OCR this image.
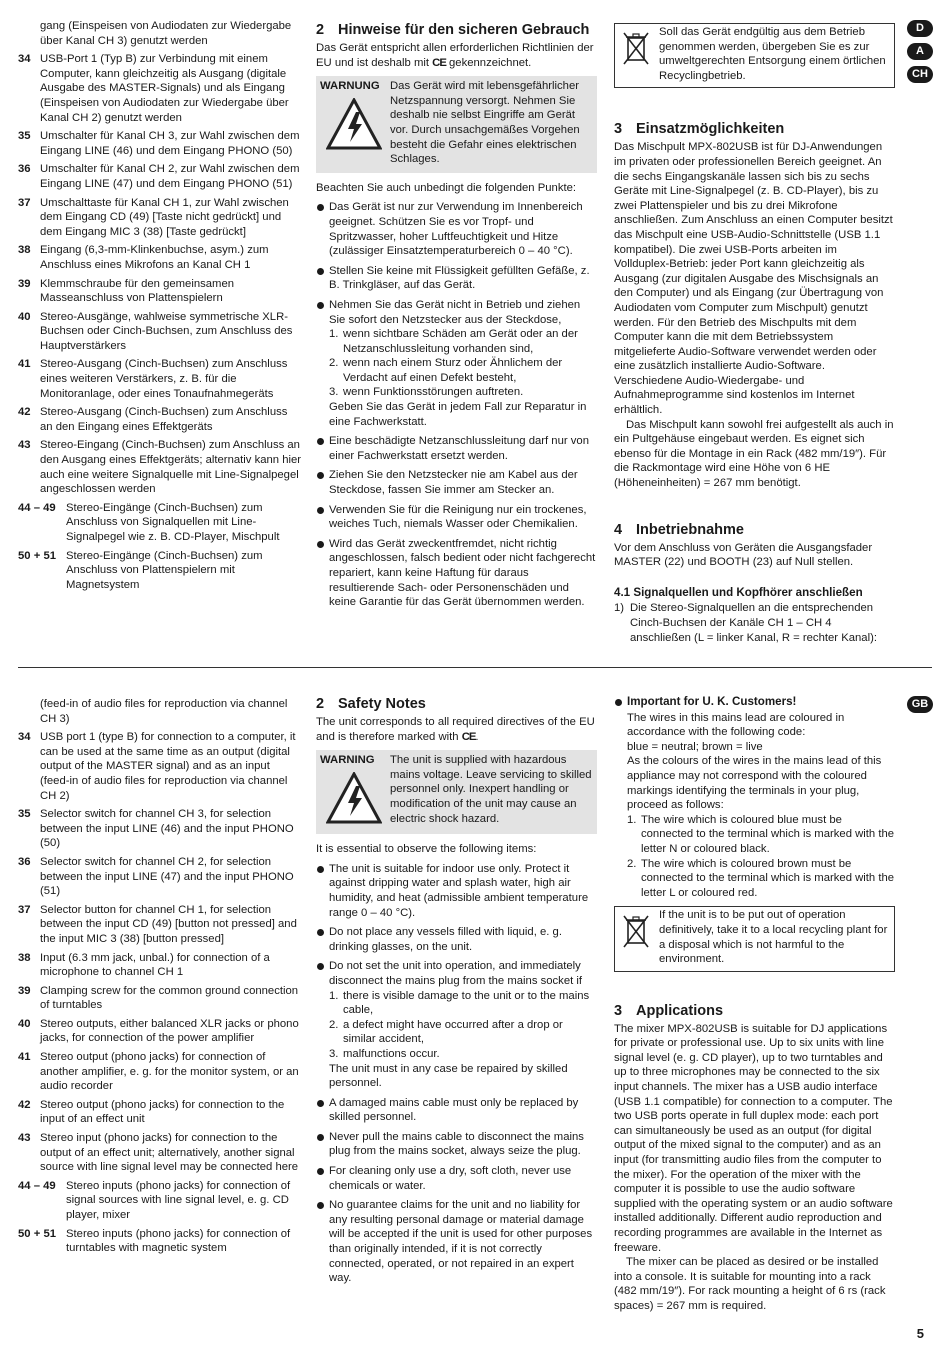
gang (Einspeisen von Audiodaten zur Wiedergabe über Kanal CH 3) genutzt werden

34 USB-Port 1 (Typ B) zur Verbindung mit einem Computer, kann gleichzeitig als Ausgang (digitale Ausgabe des MASTER-Signals) und als Eingang (Einspeisen von Audiodaten zur Wiedergabe über Kanal CH 2) genutzt werden
35 Umschalter für Kanal CH 3, zur Wahl zwischen dem Eingang LINE (46) und dem Eingang PHONO (50)
36 Umschalter für Kanal CH 2, zur Wahl zwischen dem Eingang LINE (47) und dem Eingang PHONO (51)
37 Umschalttaste für Kanal CH 1, zur Wahl zwischen dem Eingang CD (49) [Taste nicht gedrückt] und dem Eingang MIC 3 (38) [Taste gedrückt]
38 Eingang (6,3-mm-Klinkenbuchse, asym.) zum Anschluss eines Mikrofons an Kanal CH 1
39 Klemmschraube für den gemeinsamen Masseanschluss von Plattenspielern
40 Stereo-Ausgänge, wahlweise symmetrische XLR-Buchsen oder Cinch-Buchsen, zum Anschluss des Hauptverstärkers
41 Stereo-Ausgang (Cinch-Buchsen) zum Anschluss eines weiteren Verstärkers, z. B. für die Monitoranlage, oder eines Tonaufnahmegeräts
42 Stereo-Ausgang (Cinch-Buchsen) zum Anschluss an den Eingang eines Effektgeräts
43 Stereo-Eingang (Cinch-Buchsen) zum Anschluss an den Ausgang eines Effektgeräts; alternativ kann hier auch eine weitere Signalquelle mit Line-Signalpegel angeschlossen werden
44 – 49 Stereo-Eingänge (Cinch-Buchsen) zum Anschluss von Signalquellen mit Line-Signalpegel wie z. B. CD-Player, Mischpult
50 + 51 Stereo-Eingänge (Cinch-Buchsen) zum Anschluss von Plattenspielern mit Magnetsystem
2 Hinweise für den sicheren Gebrauch

Das Gerät entspricht allen erforderlichen Richtlinien der EU und ist deshalb mit CE gekennzeichnet.

WARNUNG Das Gerät wird mit lebensgefährlicher Netzspannung versorgt. Nehmen Sie deshalb nie selbst Eingriffe am Gerät vor. Durch unsachgemäßes Vorgehen besteht die Gefahr eines elektrischen Schlages.

Beachten Sie auch unbedingt die folgenden Punkte:

Das Gerät ist nur zur Verwendung im Innenbereich geeignet. Schützen Sie es vor Tropf- und Spritzwasser, hoher Luftfeuchtigkeit und Hitze (zulässiger Einsatztemperaturbereich 0 – 40 °C).

Stellen Sie keine mit Flüssigkeit gefüllten Gefäße, z. B. Trinkgläser, auf das Gerät.

Nehmen Sie das Gerät nicht in Betrieb und ziehen Sie sofort den Netzstecker aus der Steckdose,

1. wenn sichtbare Schäden am Gerät oder an der Netzanschlussleitung vorhanden sind,
2. wenn nach einem Sturz oder Ähnlichem der Verdacht auf einen Defekt besteht,
3. wenn Funktionsstörungen auftreten.

Geben Sie das Gerät in jedem Fall zur Reparatur in eine Fachwerkstatt.

Eine beschädigte Netzanschlussleitung darf nur von einer Fachwerkstatt ersetzt werden.

Ziehen Sie den Netzstecker nie am Kabel aus der Steckdose, fassen Sie immer am Stecker an.

Verwenden Sie für die Reinigung nur ein trockenes, weiches Tuch, niemals Wasser oder Chemikalien.

Wird das Gerät zweckentfremdet, nicht richtig angeschlossen, falsch bedient oder nicht fachgerecht repariert, kann keine Haftung für daraus resultierende Sach- oder Personenschäden und keine Garantie für das Gerät übernommen werden.

Soll das Gerät endgültig aus dem Betrieb genommen werden, übergeben Sie es zur umweltgerechten Entsorgung einem örtlichen Recyclingbetrieb.

3 Einsatzmöglichkeiten

Das Mischpult MPX-802USB ist für DJ-Anwendungen im privaten oder professionellen Bereich geeignet. An die sechs Eingangskanäle lassen sich bis zu sechs Geräte mit Line-Signalpegel (z. B. CD-Player), bis zu zwei Plattenspieler und bis zu drei Mikrofone anschließen. Zum Anschluss an einen Computer besitzt das Mischpult eine USB-Audio-Schnittstelle (USB 1.1 kompatibel). Die zwei USB-Ports arbeiten im Vollduplex-Betrieb: jeder Port kann gleichzeitig als Ausgang (zur digitalen Ausgabe des Mischsignals an den Computer) und als Eingang (zur Übertragung von Audiodaten vom Computer zum Mischpult) genutzt werden. Für den Betrieb des Mischpults mit dem Computer kann die mit dem Betriebssystem mitgelieferte Audio-Software verwendet werden oder eine zusätzlich installierte Audio-Software. Verschiedene Audio-Wiedergabe- und Aufnahmeprogramme sind kostenlos im Internet erhältlich.

Das Mischpult kann sowohl frei aufgestellt als auch in ein Pultgehäuse eingebaut werden. Es eignet sich ebenso für die Montage in ein Rack (482 mm/19″). Für die Rackmontage wird eine Höhe von 6 HE (Höheneinheiten) = 267 mm benötigt.

4 Inbetriebnahme

Vor dem Anschluss von Geräten die Ausgangsfader MASTER (22) und BOOTH (23) auf Null stellen.

4.1 Signalquellen und Kopfhörer anschließen

1) Die Stereo-Signalquellen an die entsprechenden Cinch-Buchsen der Kanäle CH 1 – CH 4 anschließen (L = linker Kanal, R = rechter Kanal):
D
A
CH

(feed-in of audio files for reproduction via channel CH 3)

34 USB port 1 (type B) for connection to a computer, it can be used at the same time as an output (digital output of the MASTER signal) and as an input (feed-in of audio files for reproduction via channel CH 2)
35 Selector switch for channel CH 3, for selection between the input LINE (46) and the input PHONO (50)
36 Selector switch for channel CH 2, for selection between the input LINE (47) and the input PHONO (51)
37 Selector button for channel CH 1, for selection between the input CD (49) [button not pressed] and the input MIC 3 (38) [button pressed]
38 Input (6.3 mm jack, unbal.) for connection of a microphone to channel CH 1
39 Clamping screw for the common ground connection of turntables
40 Stereo outputs, either balanced XLR jacks or phono jacks, for connection of the power amplifier
41 Stereo output (phono jacks) for connection of another amplifier, e. g. for the monitor system, or an audio recorder
42 Stereo output (phono jacks) for connection to the input of an effect unit
43 Stereo input (phono jacks) for connection to the output of an effect unit; alternatively, another signal source with line signal level may be connected here
44 – 49 Stereo inputs (phono jacks) for connection of signal sources with line signal level, e. g. CD player, mixer
50 + 51 Stereo inputs (phono jacks) for connection of turntables with magnetic system
2 Safety Notes

The unit corresponds to all required directives of the EU and is therefore marked with CE.

WARNING The unit is supplied with hazardous mains voltage. Leave servicing to skilled personnel only. Inexpert handling or modification of the unit may cause an electric shock hazard.

It is essential to observe the following items:

The unit is suitable for indoor use only. Protect it against dripping water and splash water, high air humidity, and heat (admissible ambient temperature range 0 – 40 °C).

Do not place any vessels filled with liquid, e. g. drinking glasses, on the unit.

Do not set the unit into operation, and immediately disconnect the mains plug from the mains socket if

1. there is visible damage to the unit or to the mains cable,
2. a defect might have occurred after a drop or similar accident,
3. malfunctions occur.

The unit must in any case be repaired by skilled personnel.

A damaged mains cable must only be replaced by skilled personnel.

Never pull the mains cable to disconnect the mains plug from the mains socket, always seize the plug.

For cleaning only use a dry, soft cloth, never use chemicals or water.

No guarantee claims for the unit and no liability for any resulting personal damage or material damage will be accepted if the unit is used for other purposes than originally intended, if it is not correctly connected, operated, or not repaired in an expert way.

Important for U. K. Customers!

The wires in this mains lead are coloured in accordance with the following code:

blue = neutral; brown = live

As the colours of the wires in the mains lead of this appliance may not correspond with the coloured markings identifying the terminals in your plug, proceed as follows:

1. The wire which is coloured blue must be connected to the terminal which is marked with the letter N or coloured black.
2. The wire which is coloured brown must be connected to the terminal which is marked with the letter L or coloured red.

If the unit is to be put out of operation definitively, take it to a local recycling plant for a disposal which is not harmful to the environment.

3 Applications

The mixer MPX-802USB is suitable for DJ applications for private or professional use. Up to six units with line signal level (e. g. CD player), up to two turntables and up to three microphones may be connected to the six input channels. The mixer has a USB audio interface (USB 1.1 compatible) for connection to a computer. The two USB ports operate in full duplex mode: each port can simultaneously be used as an output (for digital output of the mixed signal to the computer) and as an input (for transmitting audio files from the computer to the mixer). For the operation of the mixer with the computer it is possible to use the audio software supplied with the operating system or an audio software installed additionally. Different audio reproduction and recording programmes are available in the Internet as freeware.

The mixer can be placed as desired or be installed into a console. It is suitable for mounting into a rack (482 mm/19″). For rack mounting a height of 6 rs (rack spaces) = 267 mm is required.

GB
5
